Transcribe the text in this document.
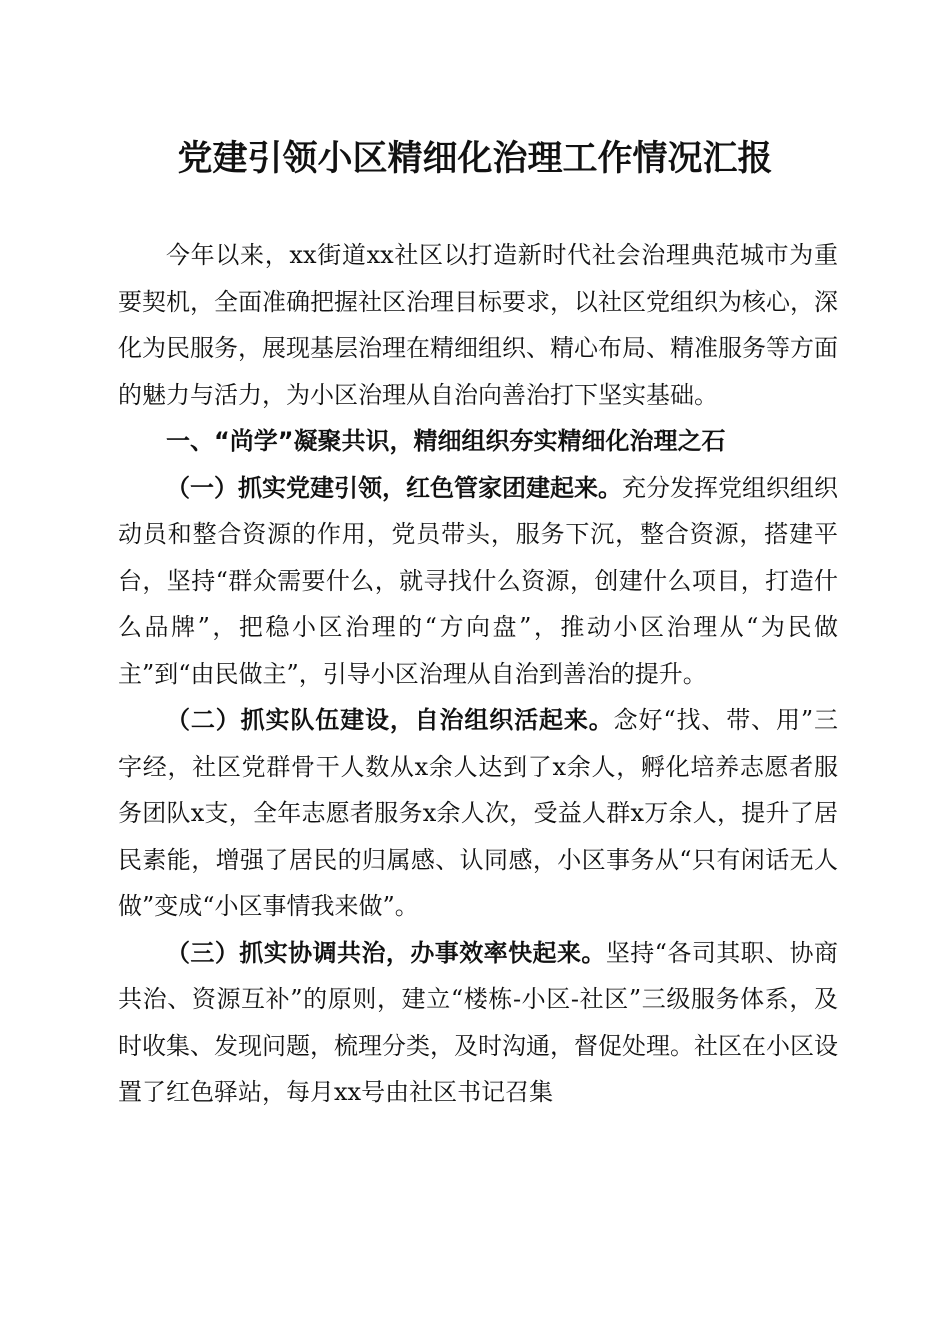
党建引领小区精细化治理工作情况汇报

今年以来，xx街道xx社区以打造新时代社会治理典范城市为重要契机，全面准确把握社区治理目标要求，以社区党组织为核心，深化为民服务，展现基层治理在精细组织、精心布局、精准服务等方面的魅力与活力，为小区治理从自治向善治打下坚实基础。

一、“尚学”凝聚共识，精细组织夯实精细化治理之石

（一）抓实党建引领，红色管家团建起来。充分发挥党组织组织动员和整合资源的作用，党员带头，服务下沉，整合资源，搭建平台，坚持“群众需要什么，就寻找什么资源，创建什么项目，打造什么品牌”，把稳小区治理的“方向盘”，推动小区治理从“为民做主”到“由民做主”，引导小区治理从自治到善治的提升。

（二）抓实队伍建设，自治组织活起来。念好“找、带、用”三字经，社区党群骨干人数从x余人达到了x余人，孵化培养志愿者服务团队x支，全年志愿者服务x余人次，受益人群x万余人，提升了居民素能，增强了居民的归属感、认同感，小区事务从“只有闲话无人做”变成“小区事情我来做”。

（三）抓实协调共治，办事效率快起来。坚持“各司其职、协商共治、资源互补”的原则，建立“楼栋-小区-社区”三级服务体系，及时收集、发现问题，梳理分类，及时沟通，督促处理。社区在小区设置了红色驿站，每月xx号由社区书记召集
